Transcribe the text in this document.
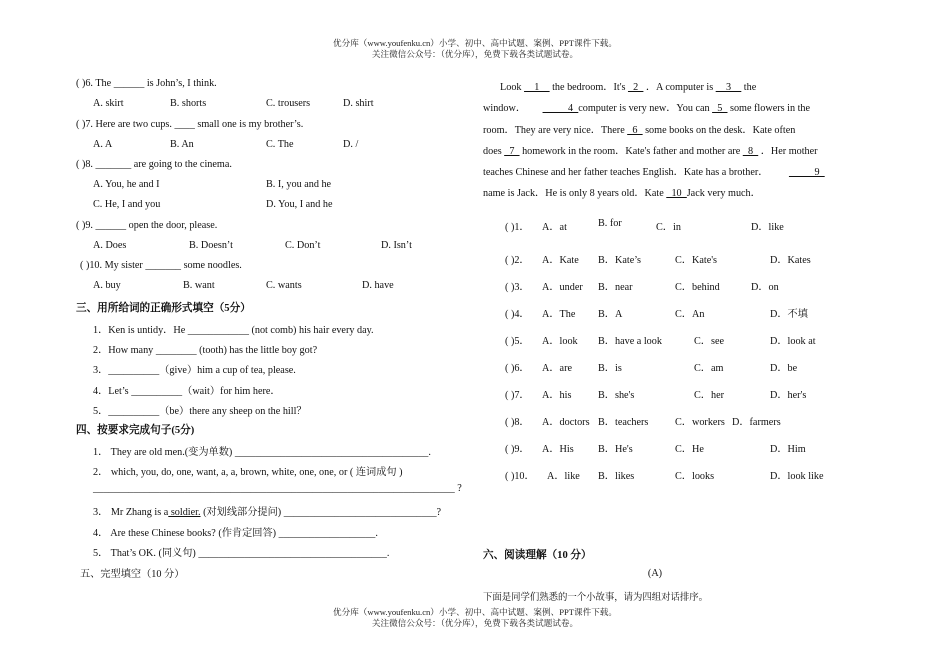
优分库（www.youfenku.cn）小学、初中、高中试题、案例、PPT课件下载。
关注微信公众号：（优分库），免费下载各类试题试卷。
( )6. The ______ is John’s, I think.
A. skirt	B. shorts	C. trousers	D. shirt
( )7. Here are two cups. ____ small one is my brother’s.
A. A	B. An	C. The	D. /
( )8. _______ are going to the cinema.
A. You, he and I	B. I, you and he
C. He, I and you	D. You, I and he
( )9. ______ open the door, please.
A. Does	B. Doesn’t	C. Don’t	D. Isn’t
( )10. My sister _______ some noodles.
A. buy	B. want	C. wants	D. have
三、用所给词的正确形式填空（5分）
1．Ken is untidy．He ____________ (not comb) his hair every day.
2．How many ________ (tooth) has the little boy got?
3．__________（give）him a cup of tea, please.
4．Let’s __________（wait）for him here．
5．__________（be）there any sheep on the hill？
四、按要求完成句子(5分)
1． They are old men.(变为单数) ______________________________________.
2． which, you, do, one, want, a, a, brown, white, one, one, or ( 连词成句 )
_______________________________________________________________________ ?
3． Mr Zhang is a soldier. (对划线部分提问) ______________________________?
4． Are these Chinese books? (作肯定回答) ___________________.
5． That’s OK. (同义句) _____________________________________.
五、完型填空（10 分）
Look __1__ the bedroom．It's _2_ ．A computer is __3__ the
window． _____4_computer is very new．You can _5_ some flowers in the
room．They are very nice．There _6_ some books on the desk．Kate often
does _7_ homework in the room．Kate's father and mother are _8_ ．Her mother
teaches Chinese and her father teaches English．Kate has a brother． _____9_
name is Jack．He is only 8 years old．Kate _10_Jack very much．
( )1． A．at	B. for	C．in	D．like
( )2． A．Kate B．Kate’s	C．Kate's	D．Kates
( )3． A．under B．near	C．behind	D．on
( )4． A．The B．A	C．An	D．不填
( )5． A．look B．have a look	C．see	D．look at
( )6． A．are	B．is	C．am	D．be
( )7． A．his	B．she's	C．her	D．her's
( )8． A．doctors B．teachers	C．workers D．farmers
( )9． A．His B．He's	C．He	D．Him
( )10． A．like B．likes	C．looks	D．look like
六、阅读理解（10 分）
(A)
下面是同学们熟悉的一个小故事，请为四组对话排序。
优分库（www.youfenku.cn）小学、初中、高中试题、案例、PPT课件下载。
关注微信公众号：（优分库），免费下载各类试题试卷。
